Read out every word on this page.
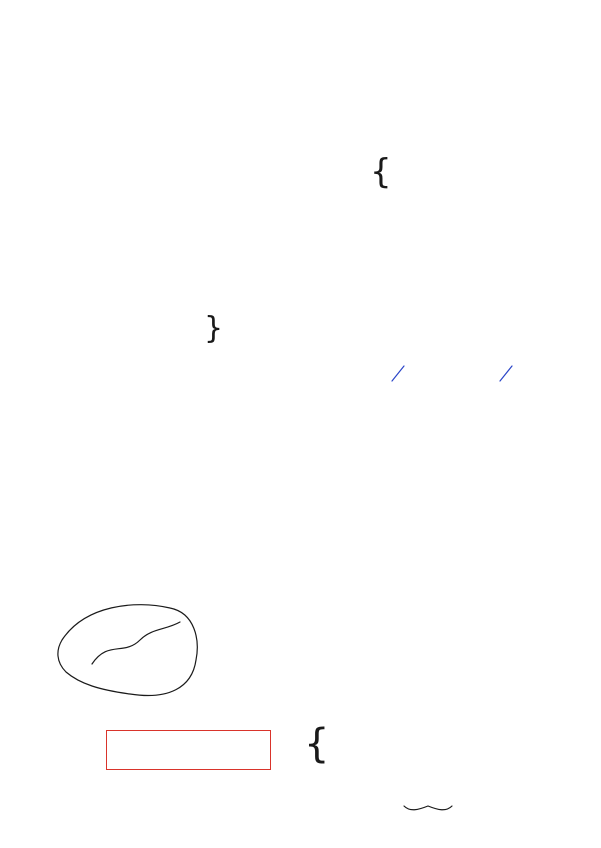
{
}
{
